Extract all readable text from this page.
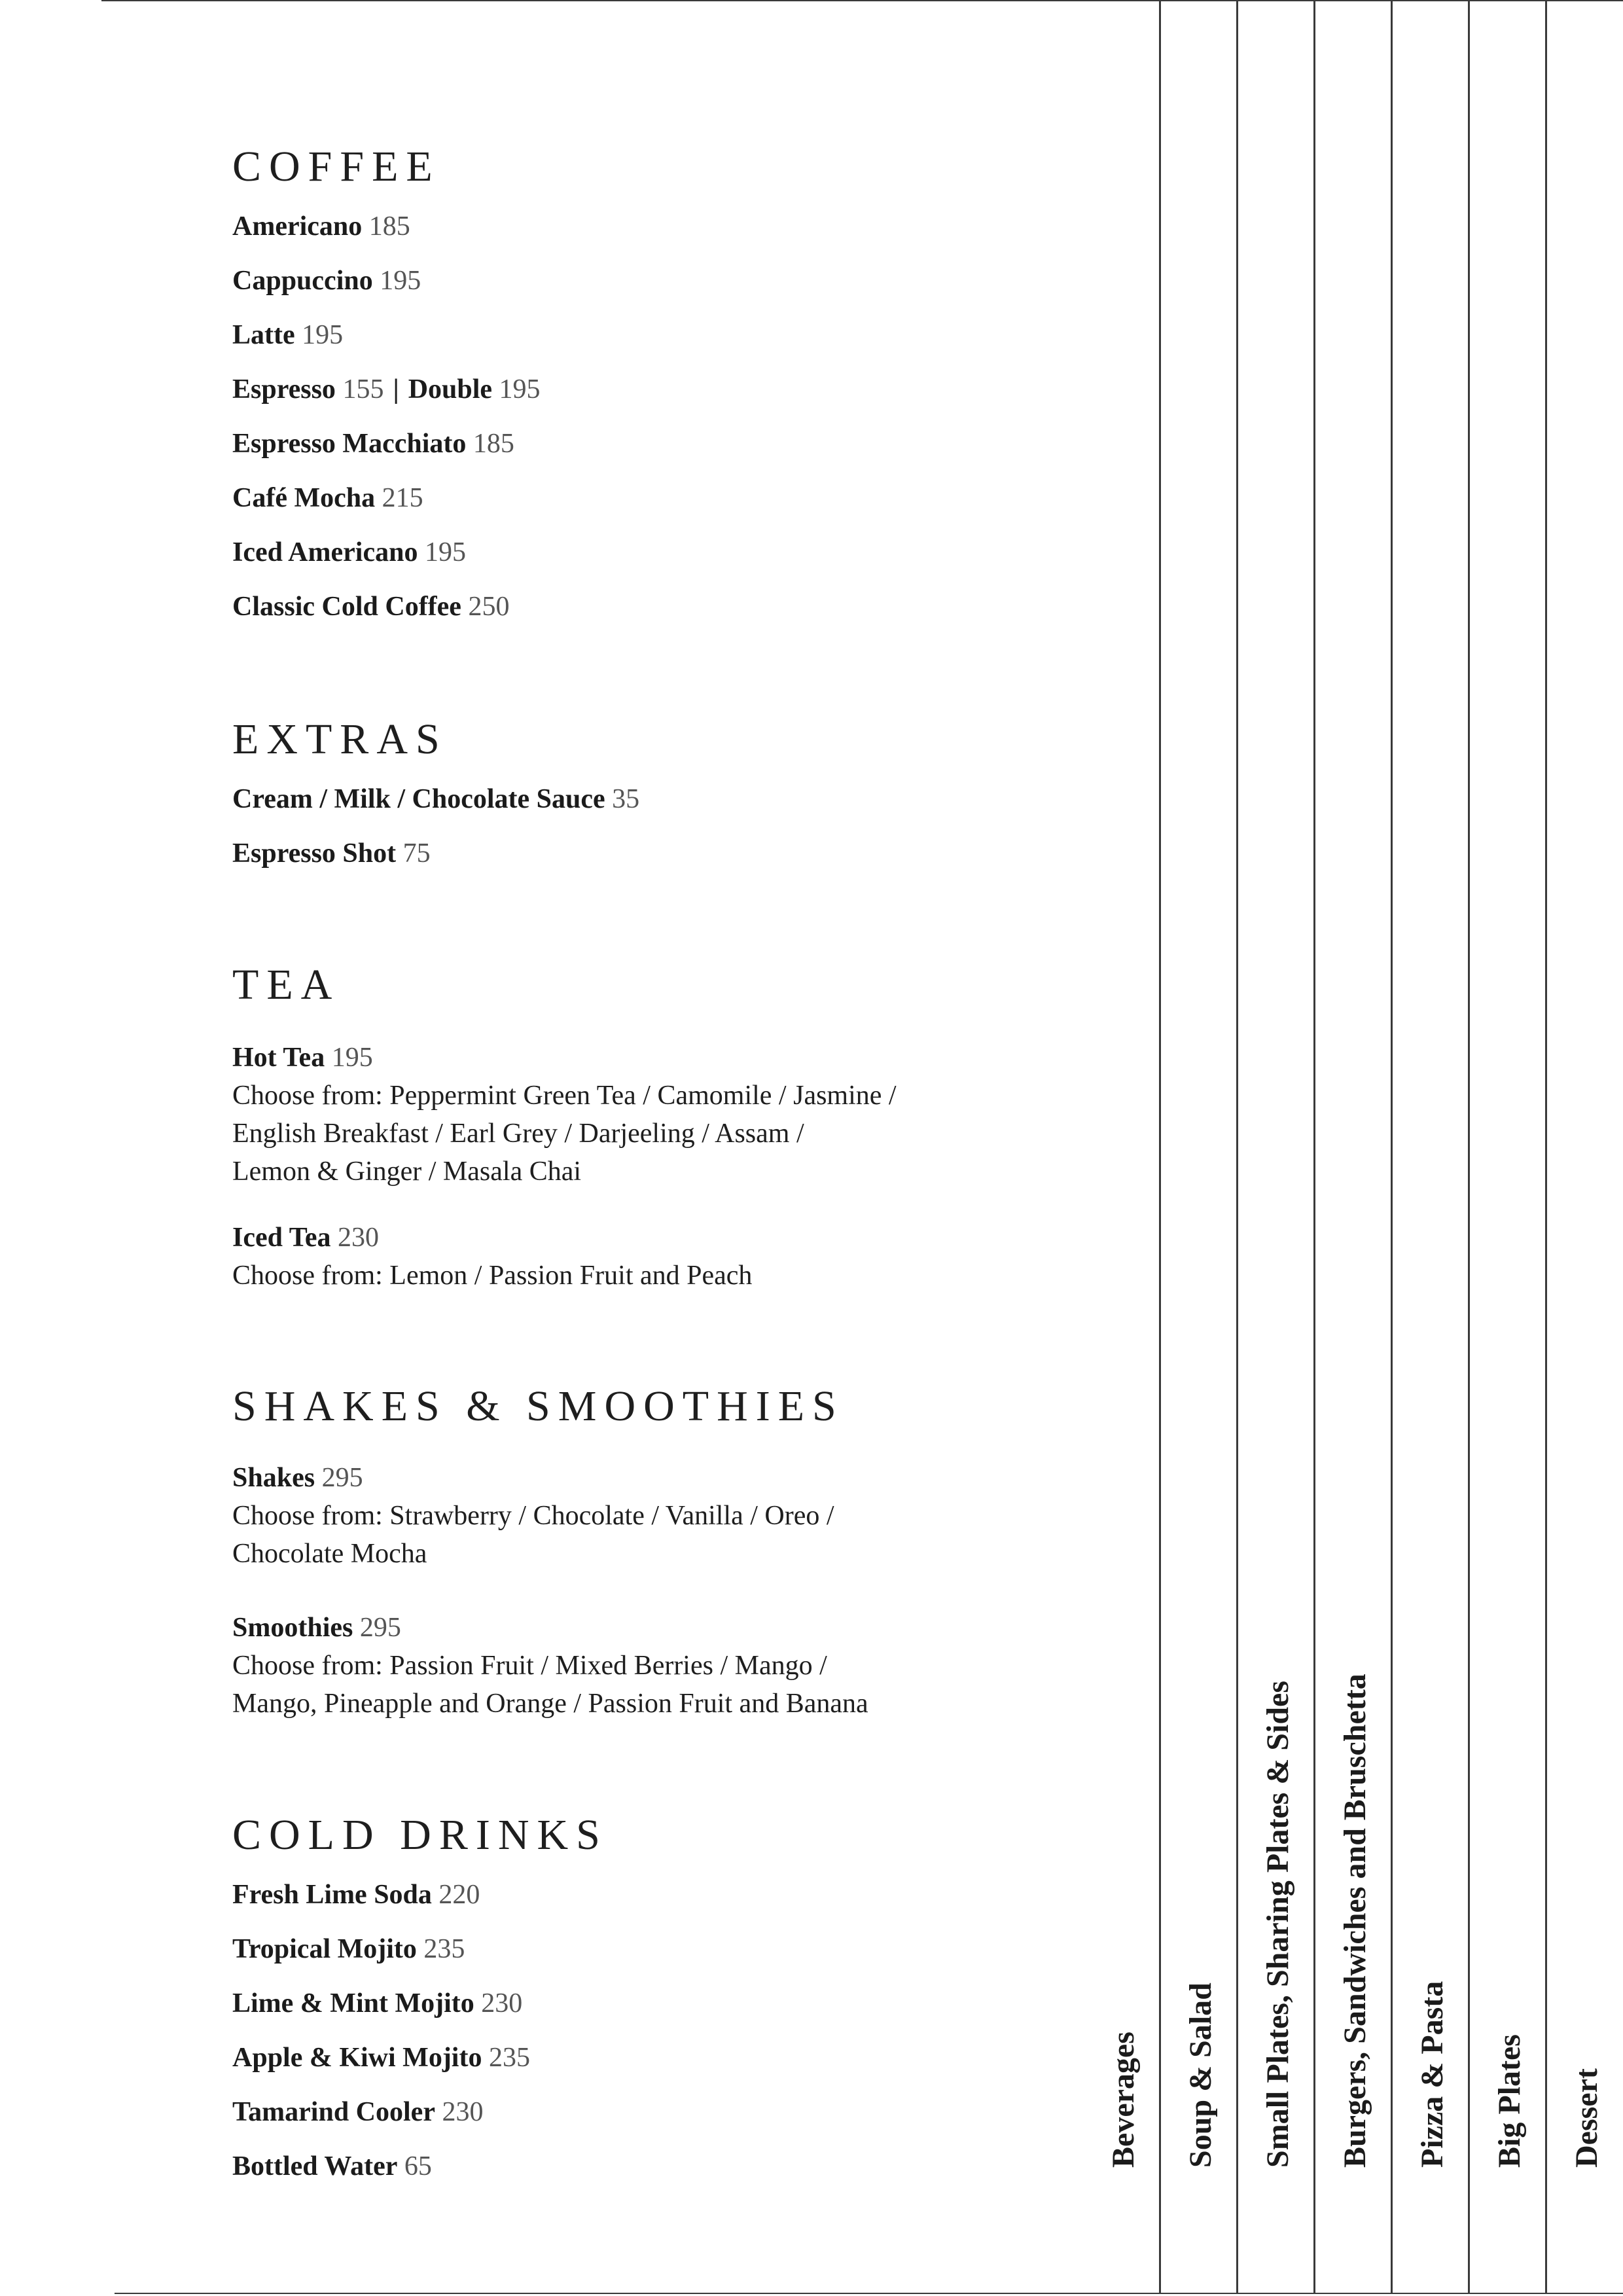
Beverages Soup & Salad Small Plates, Sharing Plates & Sides Burgers, Sandwiches and Bruschetta Pizza & Pasta Big Plates Dessert
COFFEE
Americano 185
Cappuccino 195
Latte 195
Espresso 155 | Double 195
Espresso Macchiato 185
Café Mocha 215
Iced Americano 195
Classic Cold Coffee 250
EXTRAS
Cream / Milk / Chocolate Sauce 35
Espresso Shot 75
TEA
Hot Tea 195
Choose from: Peppermint Green Tea / Camomile / Jasmine /
English Breakfast / Earl Grey / Darjeeling / Assam /
Lemon & Ginger / Masala Chai
Iced Tea 230
Choose from: Lemon / Passion Fruit and Peach
SHAKES & SMOOTHIES
Shakes 295
Choose from: Strawberry / Chocolate / Vanilla / Oreo /
Chocolate Mocha
Smoothies 295
Choose from: Passion Fruit / Mixed Berries / Mango /
Mango, Pineapple and Orange / Passion Fruit and Banana
COLD DRINKS
Fresh Lime Soda 220
Tropical Mojito 235
Lime & Mint Mojito 230
Apple & Kiwi Mojito 235
Tamarind Cooler 230
Bottled Water 65
